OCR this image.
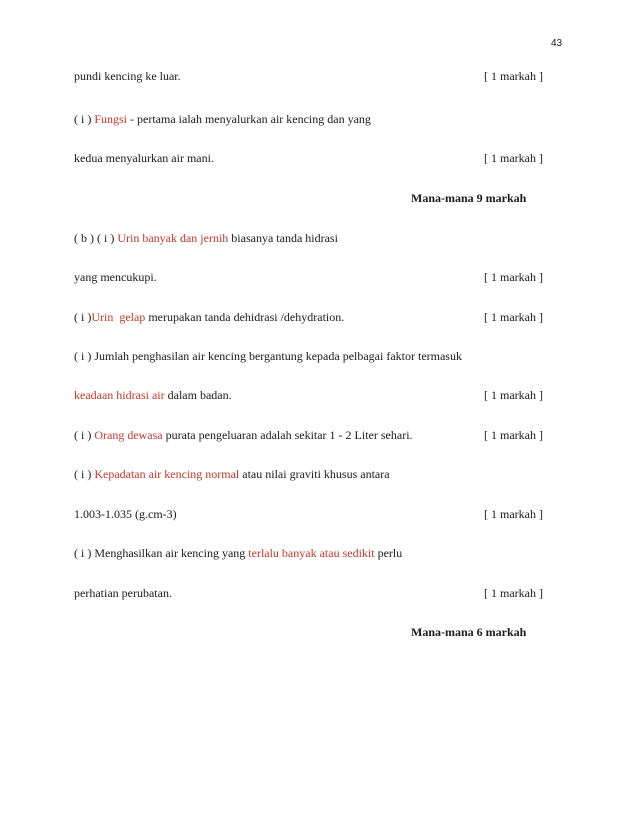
43
pundi kencing ke luar.	[ 1 markah ]
( i ) Fungsi - pertama ialah menyalurkan air kencing dan yang
kedua menyalurkan air mani.	[ 1 markah ]
Mana-mana 9 markah
( b ) ( i ) Urin banyak dan jernih biasanya tanda hidrasi
yang mencukupi.	[ 1 markah ]
( i )Urin  gelap merupakan tanda dehidrasi /dehydration.	[ 1 markah ]
( i ) Jumlah penghasilan air kencing bergantung kepada pelbagai faktor termasuk
keadaan hidrasi air dalam badan.	[ 1 markah ]
( i ) Orang dewasa purata pengeluaran adalah sekitar 1 - 2 Liter sehari.	[ 1 markah ]
( i ) Kepadatan air kencing normal atau nilai graviti khusus antara
1.003-1.035 (g.cm-3)	[ 1 markah ]
( i ) Menghasilkan air kencing yang terlalu banyak atau sedikit perlu
perhatian perubatan.	[ 1 markah ]
Mana-mana 6 markah
